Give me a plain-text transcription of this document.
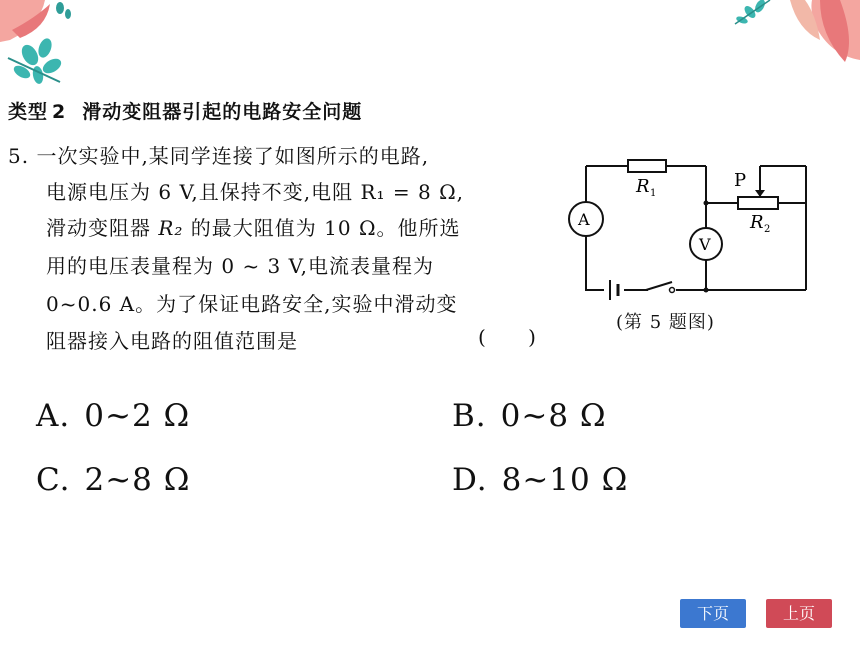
类型 2 滑动变阻器引起的电路安全问题
5. 一次实验中,某同学连接了如图所示的电路,
电源电压为 6 V,且保持不变,电阻 R₁ = 8 Ω,
滑动变阻器 R₂ 的最大阻值为 10 Ω。他所选
用的电压表量程为 0 ~ 3 V,电流表量程为
0~0.6 A。为了保证电路安全,实验中滑动变
阻器接入电路的阻值范围是	( )
R 1
R 2
P
A
V
(第 5 题图)
A. 0~2 Ω	B. 0~8 Ω
C. 2~8 Ω	D. 8~10 Ω
下页	上页
